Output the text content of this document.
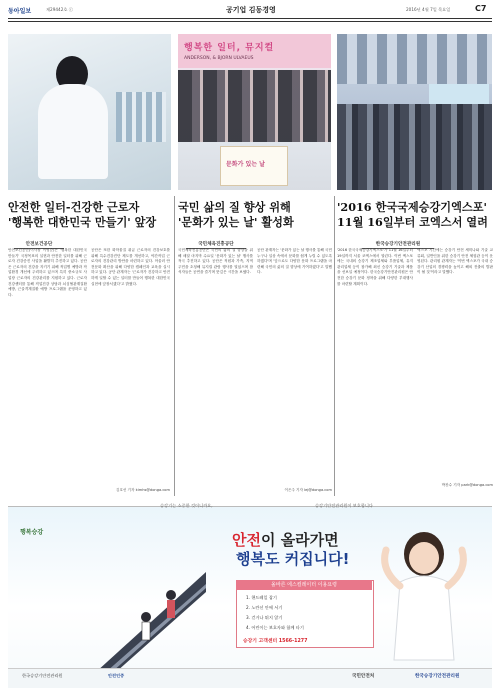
동아일보	제29442호 ⓒ	공기업 김동경영	2016년 4월 7일 목요일	C7
행복한 일터, 뮤지컬
ANDERSON, & BJORN ULVAEUS
문화가 있는 날
안전한 일터-건강한 근로자
'행복한 대한민국 만들기' 앞장
국민 삶의 질 향상 위해
'문화가 있는 날' 활성화
'2016 한국국제승강기엑스포'
11월 16일부터 코엑스서 열려
안전보건공단	국민체육진흥공단	한국승강기안전관리원
안전보건공단(이사장 이영순)은 '행복한 대한민국 만들기' 국정목표의 실현과 안전한 일터를 위해 근로자 건강증진 사업을 활발히 추진하고 있다. 공단은 근로자의 건강을 지키기 위해 직업병 예방과 작업환경 개선에 주력하고 있으며 특히 중소규모 사업장 근로자의 건강관리를 지원하고 있다. 근로자 건강센터를 통해 직업건강 상담과 뇌심혈관계질환 예방, 근골격계질환 예방 프로그램을 운영하고 있다.
공단은 또한 화학물질 취급 근로자의 건강보호를 위해 특수건강진단 제도를 개선하고, 야간작업 근로자의 건강관리 방안을 마련하고 있다. 아울러 안전문화 확산을 위해 다양한 캠페인과 교육을 실시하고 있다. 공단 관계자는 '근로자가 건강하고 안전하게 일할 수 있는 일터를 만들어 행복한 대한민국 실현에 앞장서겠다'고 밝혔다.
국민체육진흥공단은 국민의 삶의 질 향상을 위해 매달 마지막 수요일 '문화가 있는 날' 행사를 적극 추진하고 있다. 공단은 직원과 가족, 지역 주민을 초청해 뮤지컬 관람 행사를 열었으며 참석자들은 공연을 즐기며 뜻깊은 시간을 보냈다.
공단 관계자는 '문화가 있는 날 행사를 통해 국민 누구나 일상 속에서 문화를 쉽게 누릴 수 있도록 하겠다'며 '앞으로도 다양한 문화 프로그램을 마련해 국민의 삶의 질 향상에 기여하겠다'고 말했다.
'2016 한국국제승강기엑스포'가 11월 16일부터 19일까지 서울 코엑스에서 열린다. 이번 엑스포에는 국내외 승강기 제조업체와 부품업체, 유지관리업체 등이 참가해 최신 승강기 기술과 제품을 선보일 예정이다. 한국승강기안전관리원은 안전한 승강기 문화 정착을 위해 다양한 부대행사를 마련할 계획이다.
엑스포 기간에는 승강기 안전 세미나와 기술 교류회, 일반인을 위한 승강기 안전 체험관 등이 운영된다. 관리원 관계자는 '이번 엑스포가 국내 승강기 산업의 경쟁력을 높이고 해외 진출의 발판이 될 것'이라고 말했다.
김호선 기자 kimhs@donga.com	이은주 기자 lej@donga.com
박찬수 기자 park@donga.com
승강기는 소중한 것이니까요,	승강기안전관리원이 보호합니다
행복승강	안전이 올라가면
행복도 커집니다!
올바른 에스컬레이터 이용요령
1. 핸드레일 잡기
2. 노란선 안에 서기
3. 걷거나 뛰지 않기
4. 어린이는 보호자와 함께 타기
승강기 고객센터 1566-1277
한국승강기안전관리원	안전인증	국민안전처	한국승강기안전관리원
